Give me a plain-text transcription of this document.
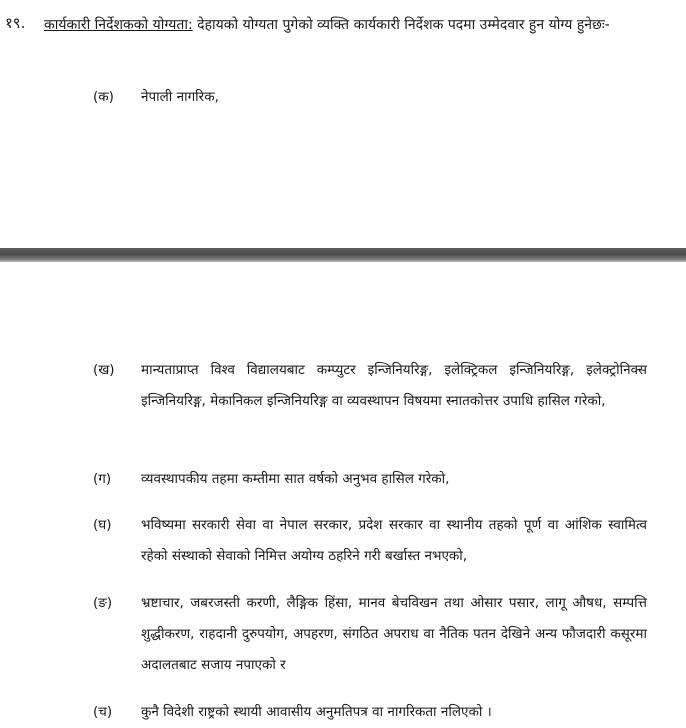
१९. कार्यकारी निर्देशकको योग्यता: देहायको योग्यता पुगेको व्यक्ति कार्यकारी निर्देशक पदमा उम्मेदवार हुन योग्य हुनेछः-
(क) नेपाली नागरिक,
(ख) मान्यताप्राप्त विश्व विद्यालयबाट कम्प्युटर इन्जिनियरिङ्ग, इलेक्ट्रिकल इन्जिनियरिङ्ग, इलेक्ट्रोनिक्स इन्जिनियरिङ्ग, मेकानिकल इन्जिनियरिङ्ग वा व्यवस्थापन विषयमा स्नातकोत्तर उपाधि हासिल गरेको,
(ग) व्यवस्थापकीय तहमा कम्तीमा सात वर्षको अनुभव हासिल गरेको,
(घ) भविष्यमा सरकारी सेवा वा नेपाल सरकार, प्रदेश सरकार वा स्थानीय तहको पूर्ण वा आंशिक स्वामित्व रहेको संस्थाको सेवाको निमित्त अयोग्य ठहरिने गरी बर्खास्त नभएको,
(ङ) भ्रष्टाचार, जबरजस्ती करणी, लैङ्गिक हिंसा, मानव बेचविखन तथा ओसार पसार, लागू औषध, सम्पत्ति शुद्धीकरण, राहदानी दुरुपयोग, अपहरण, संगठित अपराध वा नैतिक पतन देखिने अन्य फौजदारी कसूरमा अदालतबाट सजाय नपाएको र
(च) कुनै विदेशी राष्ट्रको स्थायी आवासीय अनुमतिपत्र वा नागरिकता नलिएको ।
